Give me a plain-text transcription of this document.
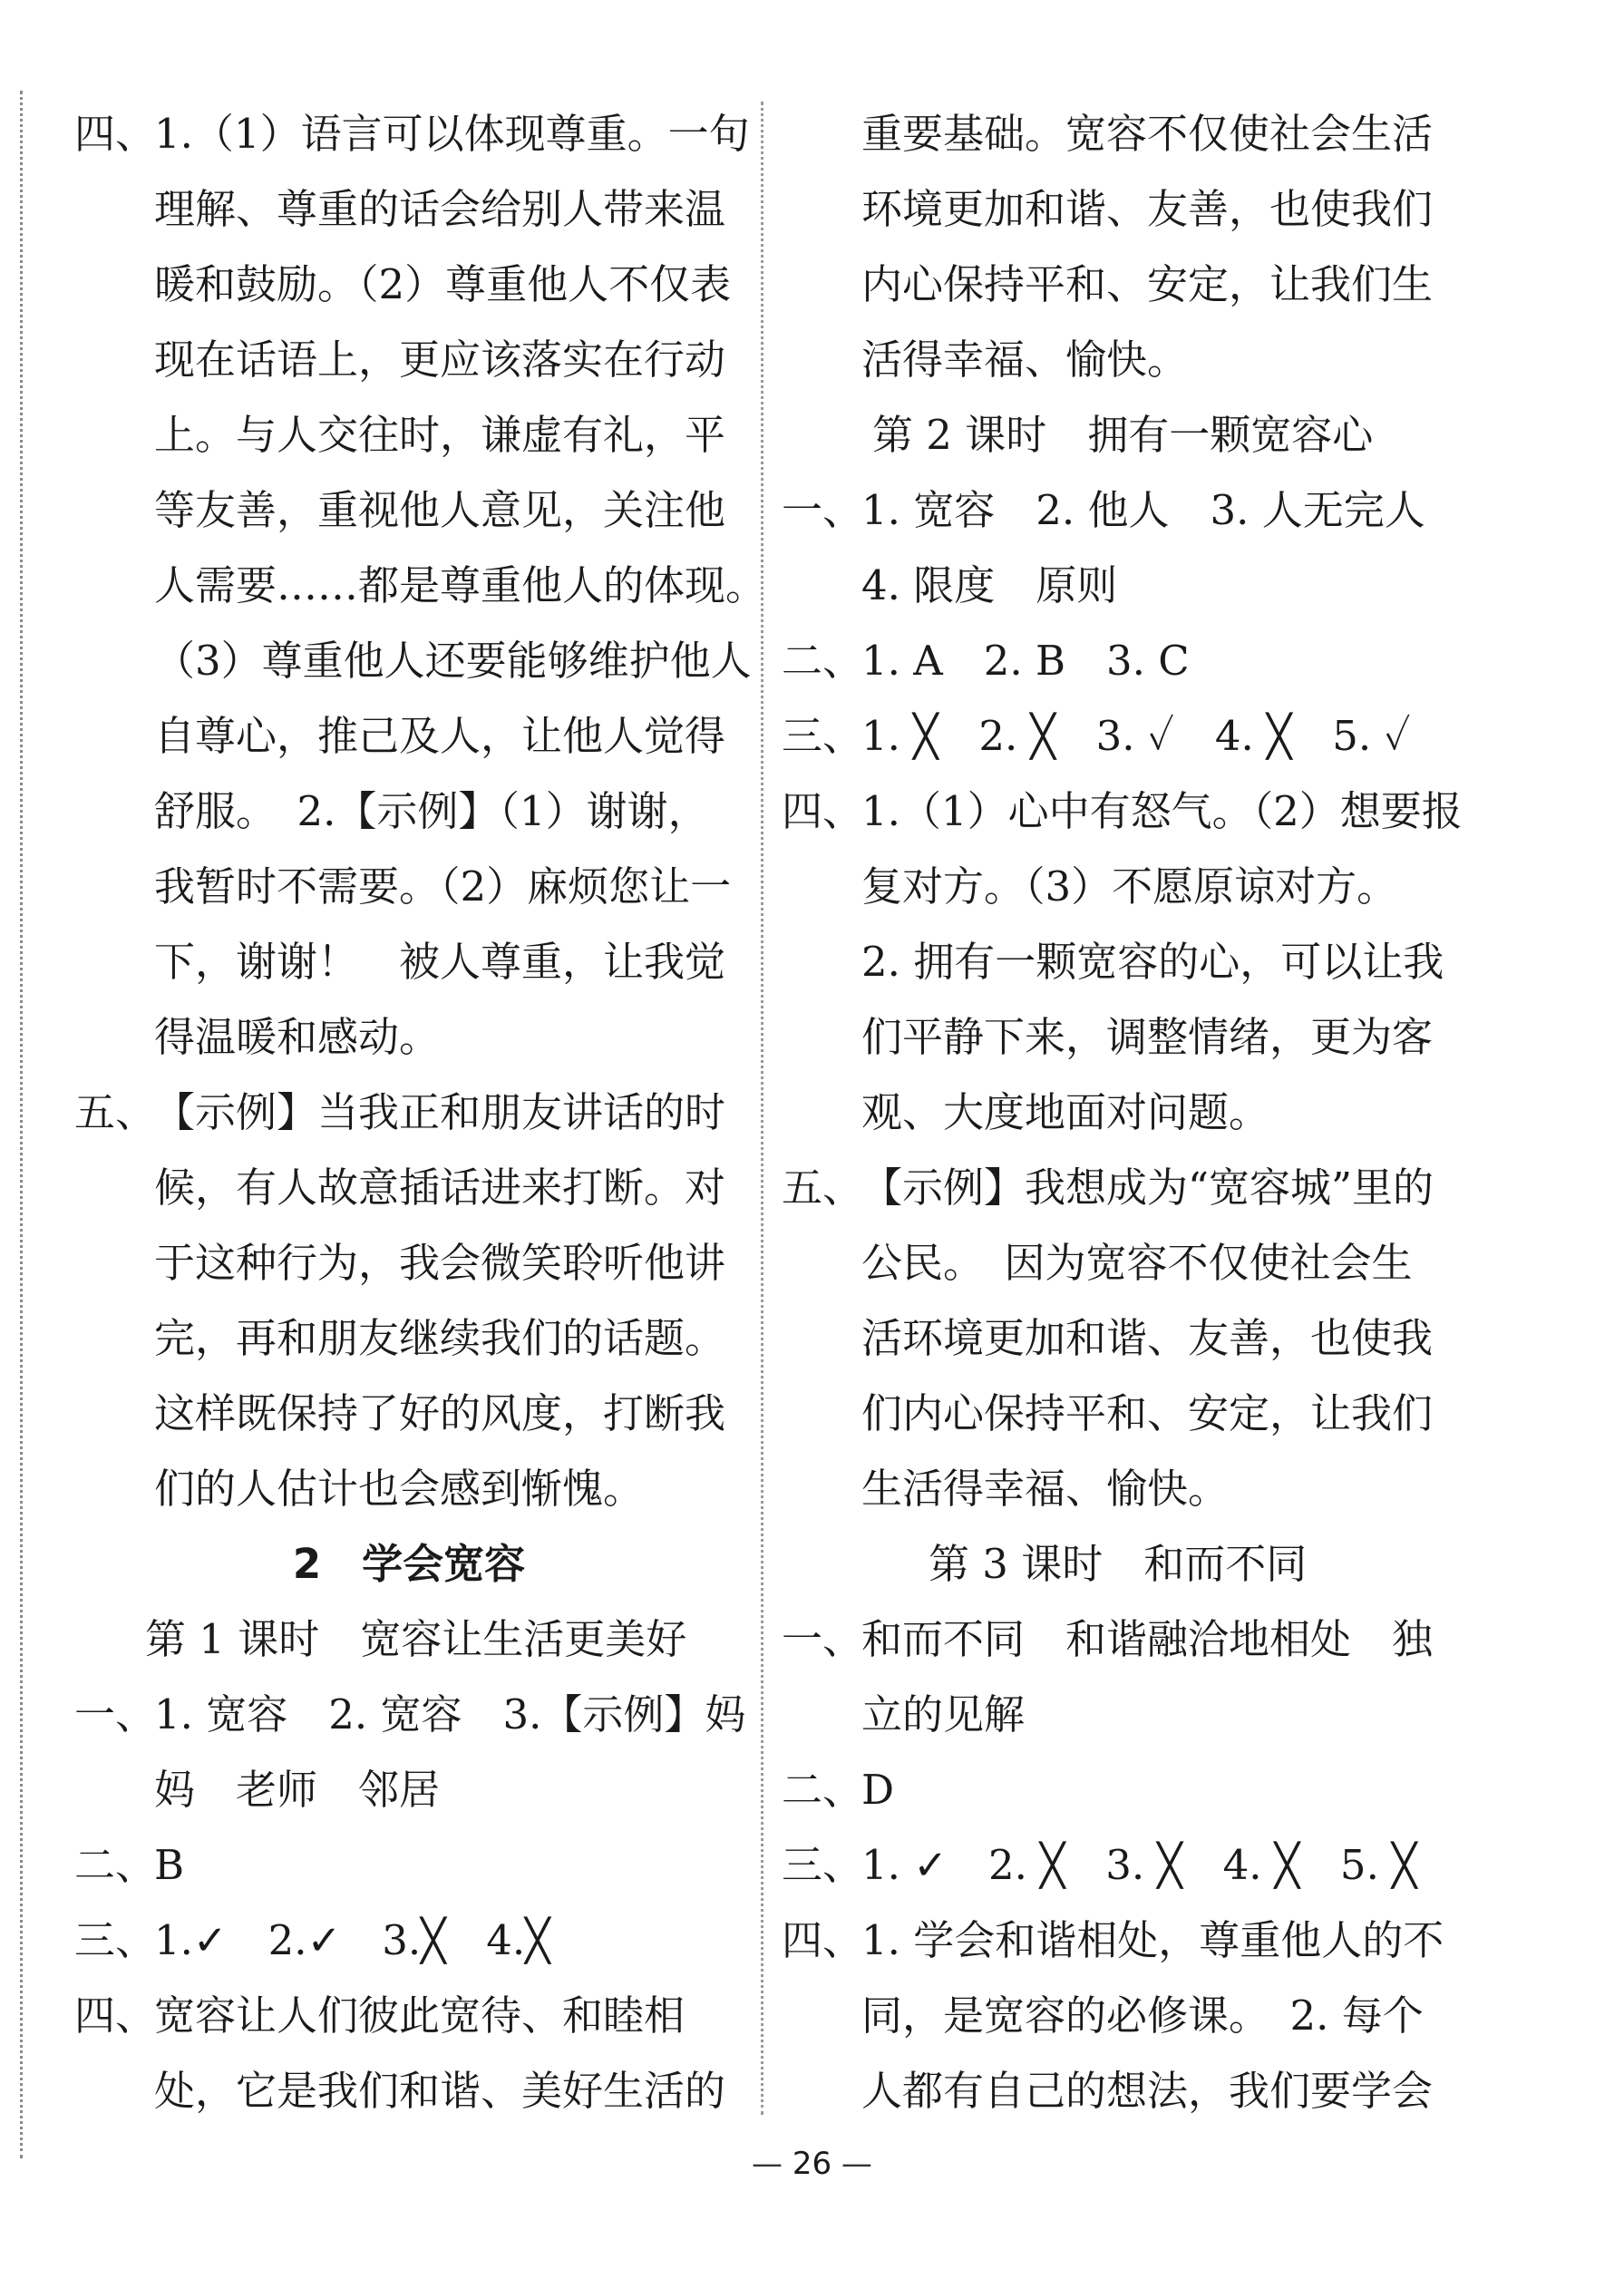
四、
1.（1）语言可以体现尊重。一句
理解、尊重的话会给别人带来温
暖和鼓励。（2）尊重他人不仅表
现在话语上，更应该落实在行动
上。与人交往时，谦虚有礼，平
等友善，重视他人意见，关注他
人需要……都是尊重他人的体现。
（3）尊重他人还要能够维护他人
自尊心，推己及人，让他人觉得
舒服。　2.【示例】（1）谢谢，
我暂时不需要。（2）麻烦您让一
下，谢谢！　被人尊重，让我觉
得温暖和感动。
五、
【示例】当我正和朋友讲话的时
候，有人故意插话进来打断。对
于这种行为，我会微笑聆听他讲
完，再和朋友继续我们的话题。
这样既保持了好的风度，打断我
们的人估计也会感到惭愧。
2　学会宽容
第 1 课时　宽容让生活更美好
一、
1. 宽容　2. 宽容　3.【示例】妈
妈　老师　邻居
二、
B
三、
1.✓　2.✓　3.╳　4.╳
四、
宽容让人们彼此宽待、和睦相
处，它是我们和谐、美好生活的
重要基础。宽容不仅使社会生活
环境更加和谐、友善，也使我们
内心保持平和、安定，让我们生
活得幸福、愉快。
第 2 课时　拥有一颗宽容心
一、
1. 宽容　2. 他人　3. 人无完人
4. 限度　原则
二、
1. A　2. B　3. C
三、
1. ╳　2. ╳　3. ✓　4. ╳　5. ✓
四、
1.（1）心中有怒气。（2）想要报
复对方。（3）不愿原谅对方。
2. 拥有一颗宽容的心，可以让我
们平静下来，调整情绪，更为客
观、大度地面对问题。
五、
【示例】我想成为“宽容城”里的
公民。　因为宽容不仅使社会生
活环境更加和谐、友善，也使我
们内心保持平和、安定，让我们
生活得幸福、愉快。
第 3 课时　和而不同
一、
和而不同　和谐融洽地相处　独
立的见解
二、
D
三、
1. ✓　2. ╳　3. ╳　4. ╳　5. ╳
四、
1. 学会和谐相处，尊重他人的不
同，是宽容的必修课。　2. 每个
人都有自己的想法，我们要学会
— 26 —
